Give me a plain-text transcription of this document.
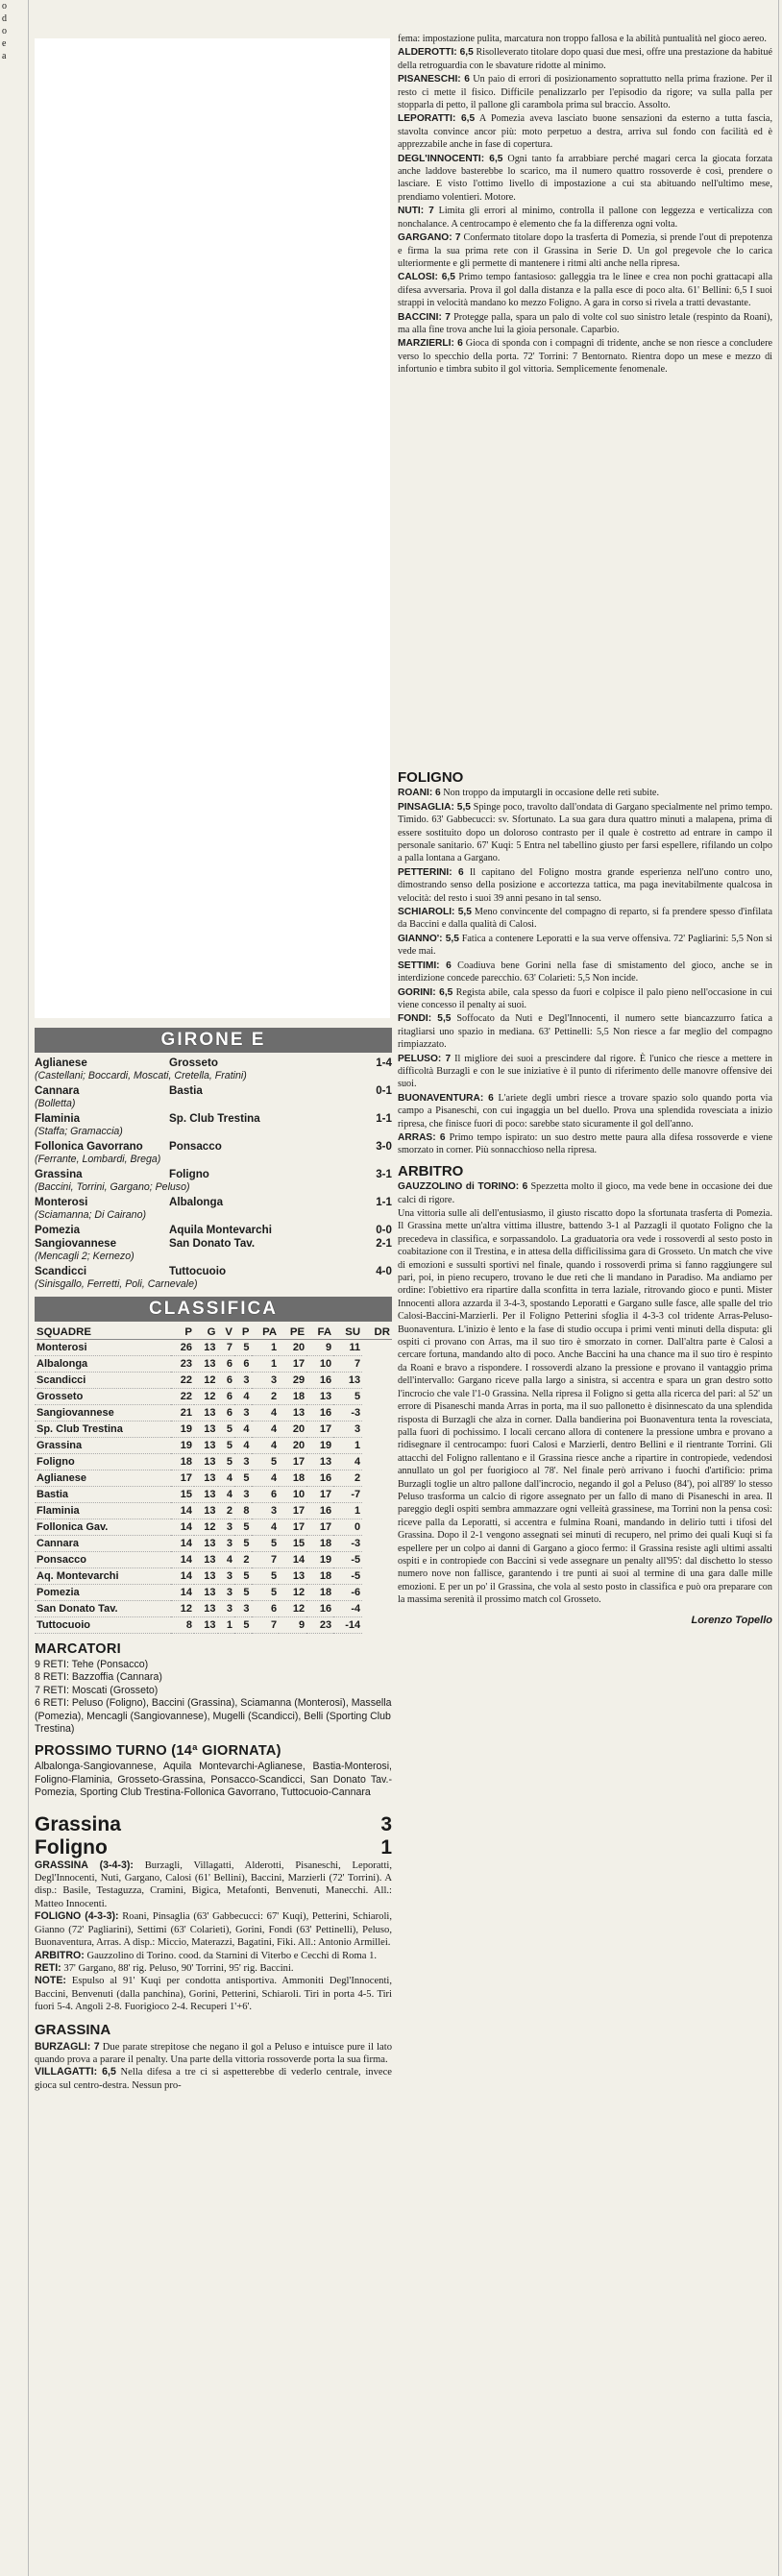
o
d
o
e
a

fema: impostazione pulita, marcatura non troppo fallosa e la abilità puntualità nel gioco aereo.

ALDEROTTI: 6,5 Risolleverato titolare dopo quasi due mesi, offre una prestazione da habitué della retroguardia con le sbavature ridotte al minimo.

PISANESCHI: 6 Un paio di errori di posizionamento soprattutto nella prima frazione. Per il resto ci mette il fisico. Difficile penalizzarlo per l'episodio da rigore; va sulla palla per stopparla di petto, il pallone gli carambola prima sul braccio. Assolto.

LEPORATTI: 6,5 A Pomezia aveva lasciato buone sensazioni da esterno a tutta fascia, stavolta convince ancor più: moto perpetuo a destra, arriva sul fondo con facilità ed è apprezzabile anche in fase di copertura.

DEGL'INNOCENTI: 6,5 Ogni tanto fa arrabbiare perché magari cerca la giocata forzata anche laddove basterebbe lo scarico, ma il numero quattro rossoverde è così, prendere o lasciare. E visto l'ottimo livello di impostazione a cui sta abituando nell'ultimo mese, prendiamo volentieri. Motore.

NUTI: 7 Limita gli errori al minimo, controlla il pallone con leggezza e verticalizza con nonchalance. A centrocampo è elemento che fa la differenza ogni volta.

GARGANO: 7 Confermato titolare dopo la trasferta di Pomezia, si prende l'out di prepotenza e firma la sua prima rete con il Grassina in Serie D. Un gol pregevole che lo carica ulteriormente e gli permette di mantenere i ritmi alti anche nella ripresa.

CALOSI: 6,5 Primo tempo fantasioso: galleggia tra le linee e crea non pochi grattacapi alla difesa avversaria. Prova il gol dalla distanza e la palla esce di poco alta. 61' Bellini: 6,5 I suoi strappi in velocità mandano ko mezzo Foligno. A gara in corso si rivela a tratti devastante.

BACCINI: 7 Protegge palla, spara un palo di volte col suo sinistro letale (respinto da Roani), ma alla fine trova anche lui la gioia personale. Caparbio.

MARZIERLI: 6 Gioca di sponda con i compagni di tridente, anche se non riesce a concludere verso lo specchio della porta. 72' Torrini: 7 Bentornato. Rientra dopo un mese e mezzo di infortunio e timbra subito il gol vittoria. Semplicemente fenomenale.

FOLIGNO

ROANI: 6 Non troppo da imputargli in occasione delle reti subite.

PINSAGLIA: 5,5 Spinge poco, travolto dall'ondata di Gargano specialmente nel primo tempo. Timido. 63' Gabbecucci: sv. Sfortunato. La sua gara dura quattro minuti a malapena, prima di essere sostituito dopo un doloroso contrasto per il quale è costretto ad entrare in campo il personale sanitario. 67' Kuqi: 5 Entra nel tabellino giusto per farsi espellere, rifilando un colpo a palla lontana a Gargano.

PETTERINI: 6 Il capitano del Foligno mostra grande esperienza nell'uno contro uno, dimostrando senso della posizione e accortezza tattica, ma paga inevitabilmente qualcosa in velocità: del resto i suoi 39 anni pesano in tal senso.

SCHIAROLI: 5,5 Meno convincente del compagno di reparto, si fa prendere spesso d'infilata da Baccini e dalla qualità di Calosi.

GIANNO': 5,5 Fatica a contenere Leporatti e la sua verve offensiva. 72' Pagliarini: 5,5 Non si vede mai.

SETTIMI: 6 Coadiuva bene Gorini nella fase di smistamento del gioco, anche se in interdizione concede parecchio. 63' Colarieti: 5,5 Non incide.

GORINI: 6,5 Regista abile, cala spesso da fuori e colpisce il palo pieno nell'occasione in cui viene concesso il penalty ai suoi.

FONDI: 5,5 Soffocato da Nuti e Degl'Innocenti, il numero sette biancazzurro fatica a ritagliarsi uno spazio in mediana. 63' Pettinelli: 5,5 Non riesce a far meglio del compagno rimpiazzato.

PELUSO: 7 Il migliore dei suoi a prescindere dal rigore. È l'unico che riesce a mettere in difficoltà Burzagli e con le sue iniziative è il punto di riferimento delle manovre offensive dei suoi.

BUONAVENTURA: 6 L'ariete degli umbri riesce a trovare spazio solo quando porta via campo a Pisaneschi, con cui ingaggia un bel duello. Prova una splendida rovesciata a inizio ripresa, che finisce fuori di poco: sarebbe stato sicuramente il gol dell'anno.

ARRAS: 6 Primo tempo ispirato: un suo destro mette paura alla difesa rossoverde e viene smorzato in corner. Più sonnacchioso nella ripresa.

ARBITRO

GAUZZOLINO di TORINO: 6 Spezzetta molto il gioco, ma vede bene in occasione dei due calci di rigore.

Una vittoria sulle ali dell'entusiasmo, il giusto riscatto dopo la sfortunata trasferta di Pomezia. Il Grassina mette un'altra vittima illustre, battendo 3-1 al Pazzagli il quotato Foligno che la precedeva in classifica, e sorpassandolo. La graduatoria ora vede i rossoverdi al sesto posto in coabitazione con il Trestina, e in attesa della difficilissima gara di Grosseto. Un match che vive di emozioni e sussulti sportivi nel finale, quando i rossoverdi prima si fanno raggiungere sul pari, poi, in pieno recupero, trovano le due reti che li mandano in Paradiso. Ma andiamo per ordine: l'obiettivo era ripartire dalla sconfitta in terra laziale, ritrovando gioco e punti. Mister Innocenti allora azzarda il 3-4-3, spostando Leporatti e Gargano sulle fasce, alle spalle del trio Calosi-Baccini-Marzierli. Per il Foligno Petterini sfoglia il 4-3-3 col tridente Arras-Peluso-Buonaventura. L'inizio è lento e la fase di studio occupa i primi venti minuti della disputa: gli ospiti ci provano con Arras, ma il suo tiro è smorzato in corner. Dall'altra parte è Calosi a cercare fortuna, mandando alto di poco. Anche Baccini ha una chance ma il suo tiro è respinto da Roani e bravo a rispondere. I rossoverdi alzano la pressione e provano il vantaggio prima dell'intervallo: Gargano riceve palla largo a sinistra, si accentra e spara un gran destro sotto l'incrocio che vale l'1-0 Grassina. Nella ripresa il Foligno si getta alla ricerca del pari: al 52' un errore di Pisaneschi manda Arras in porta, ma il suo pallonetto è disinnescato da una splendida risposta di Burzagli che alza in corner. Dalla bandierina poi Buonaventura tenta la rovesciata, palla fuori di pochissimo. I locali cercano allora di contenere la pressione umbra e provano a ridisegnare il centrocampo: fuori Calosi e Marzierli, dentro Bellini e il rientrante Torrini. Gli attacchi del Foligno rallentano e il Grassina riesce anche a ripartire in contropiede, vedendosi annullato un gol per fuorigioco al 78'. Nel finale però arrivano i fuochi d'artificio: prima Burzagli toglie un altro pallone dall'incrocio, negando il gol a Peluso (84'), poi all'89' lo stesso Peluso trasforma un calcio di rigore assegnato per un fallo di mano di Pisaneschi in area. Il pareggio degli ospiti sembra ammazzare ogni velleità grassinese, ma Torrini non la pensa così: riceve palla da Leporatti, si accentra e fulmina Roani, mandando in delirio tutti i tifosi del Grassina. Dopo il 2-1 vengono assegnati sei minuti di recupero, nel primo dei quali Kuqi si fa espellere per un colpo ai danni di Gargano a gioco fermo: il Grassina resiste agli ultimi assalti ospiti e in contropiede con Baccini si vede assegnare un penalty all'95': dal dischetto lo stesso numero nove non fallisce, garantendo i tre punti ai suoi al termine di una gara dalle mille emozioni. E per un po' il Grassina, che vola al sesto posto in classifica e può ora preparare con la massima serenità il prossimo match col Grosseto.

Lorenzo Topello
GIRONE E
Aglianese	Grosseto	1-4
(Castellani; Boccardi, Moscati, Cretella, Fratini)
Cannara	Bastia	0-1
(Bolletta)
Flaminia	Sp. Club Trestina	1-1
(Staffa; Gramaccia)
Follonica Gavorrano	Ponsacco	3-0
(Ferrante, Lombardi, Brega)
Grassina	Foligno	3-1
(Baccini, Torrini, Gargano; Peluso)
Monterosi	Albalonga	1-1
(Sciamanna; Di Cairano)
Pomezia	Aquila Montevarchi	0-0
Sangiovannese	San Donato Tav.	2-1
(Mencagli 2; Kernezo)
Scandicci	Tuttocuoio	4-0
(Sinisgallo, Ferretti, Poli, Carnevale)
CLASSIFICA
SQUADRE	P	G	V	P	PA	PE	FA	SU	DR
Monterosi	26	13	7	5	1	20	9	11	
Albalonga	23	13	6	6	1	17	10	7	
Scandicci	22	12	6	3	3	29	16	13	
Grosseto	22	12	6	4	2	18	13	5	
Sangiovannese	21	13	6	3	4	13	16	-3	
Sp. Club Trestina	19	13	5	4	4	20	17	3	
Grassina	19	13	5	4	4	20	19	1	
Foligno	18	13	5	3	5	17	13	4	
Aglianese	17	13	4	5	4	18	16	2	
Bastia	15	13	4	3	6	10	17	-7	
Flaminia	14	13	2	8	3	17	16	1	
Follonica Gav.	14	12	3	5	4	17	17	0	
Cannara	14	13	3	5	5	15	18	-3	
Ponsacco	14	13	4	2	7	14	19	-5	
Aq. Montevarchi	14	13	3	5	5	13	18	-5	
Pomezia	14	13	3	5	5	12	18	-6	
San Donato Tav.	12	13	3	3	6	12	16	-4	
Tuttocuoio	8	13	1	5	7	9	23	-14	
MARCATORI
9 RETI: Tehe (Ponsacco)
8 RETI: Bazzoffia (Cannara)
7 RETI: Moscati (Grosseto)
6 RETI: Peluso (Foligno), Baccini (Grassina), Sciamanna (Monterosi), Massella (Pomezia), Mencagli (Sangiovannese), Mugelli (Scandicci), Belli (Sporting Club Trestina)
PROSSIMO TURNO (14ª GIORNATA)
Albalonga-Sangiovannese, Aquila Montevarchi-Aglianese, Bastia-Monterosi, Foligno-Flaminia, Grosseto-Grassina, Ponsacco-Scandicci, San Donato Tav.-Pomezia, Sporting Club Trestina-Follonica Gavorrano, Tuttocuoio-Cannara
Grassina	3
Foligno	1

GRASSINA (3-4-3): Burzagli, Villagatti, Alderotti, Pisaneschi, Leporatti, Degl'Innocenti, Nuti, Gargano, Calosi (61' Bellini), Baccini, Marzierli (72' Torrini). A disp.: Basile, Testaguzza, Cramini, Bigica, Metafonti, Benvenuti, Manecchi. All.: Matteo Innocenti.

FOLIGNO (4-3-3): Roani, Pinsaglia (63' Gabbecucci: 67' Kuqi), Petterini, Schiaroli, Gianno (72' Pagliarini), Settimi (63' Colarieti), Gorini, Fondi (63' Pettinelli), Peluso, Buonaventura, Arras. A disp.: Miccio, Materazzi, Bagatini, Fiki. All.: Antonio Armillei.

ARBITRO: Gauzzolino di Torino. cood. da Starnini di Viterbo e Cecchi di Roma 1.

RETI: 37' Gargano, 88' rig. Peluso, 90' Torrini, 95' rig. Baccini.

NOTE: Espulso al 91' Kuqi per condotta antisportiva. Ammoniti Degl'Innocenti, Baccini, Benvenuti (dalla panchina), Gorini, Petterini, Schiaroli. Tiri in porta 4-5. Tiri fuori 5-4. Angoli 2-8. Fuorigioco 2-4. Recuperi 1'+6'.

GRASSINA

BURZAGLI: 7 Due parate strepitose che negano il gol a Peluso e intuisce pure il lato quando prova a parare il penalty. Una parte della vittoria rossoverde porta la sua firma.

VILLAGATTI: 6,5 Nella difesa a tre ci si aspetterebbe di vederlo centrale, invece gioca sul centro-destra. Nessun pro-
